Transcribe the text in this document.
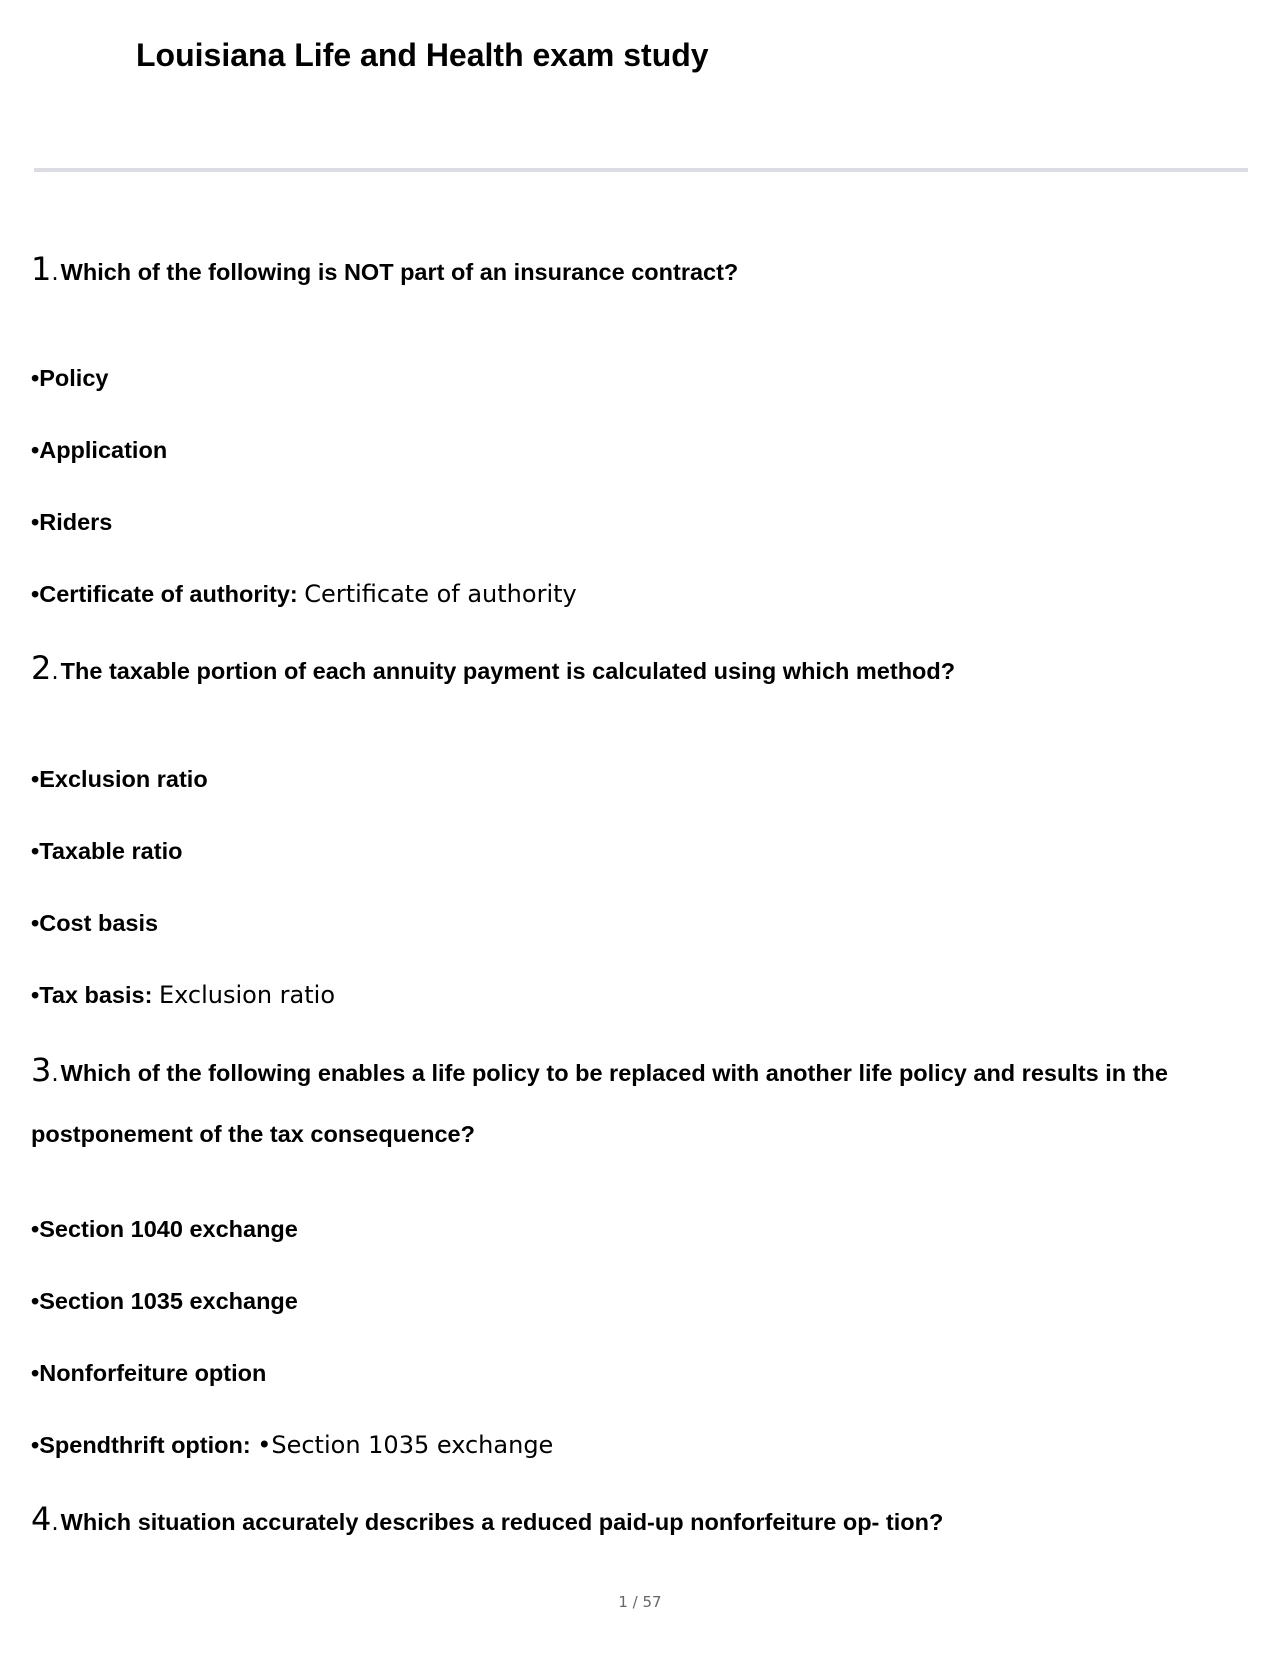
Louisiana Life and Health exam study

1.Which of the following is NOT part of an insurance contract?

•Policy

•Application

•Riders

•Certificate of authority: Certificate of authority

2.The taxable portion of each annuity payment is calculated using which method?

•Exclusion ratio

•Taxable ratio

•Cost basis

•Tax basis: Exclusion ratio

3.Which of the following enables a life policy to be replaced with another life policy and results in the postponement of the tax consequence?

•Section 1040 exchange

•Section 1035 exchange

•Nonforfeiture option

•Spendthrift option: •Section 1035 exchange

4.Which situation accurately describes a reduced paid-up nonforfeiture op- tion?

1 / 57
